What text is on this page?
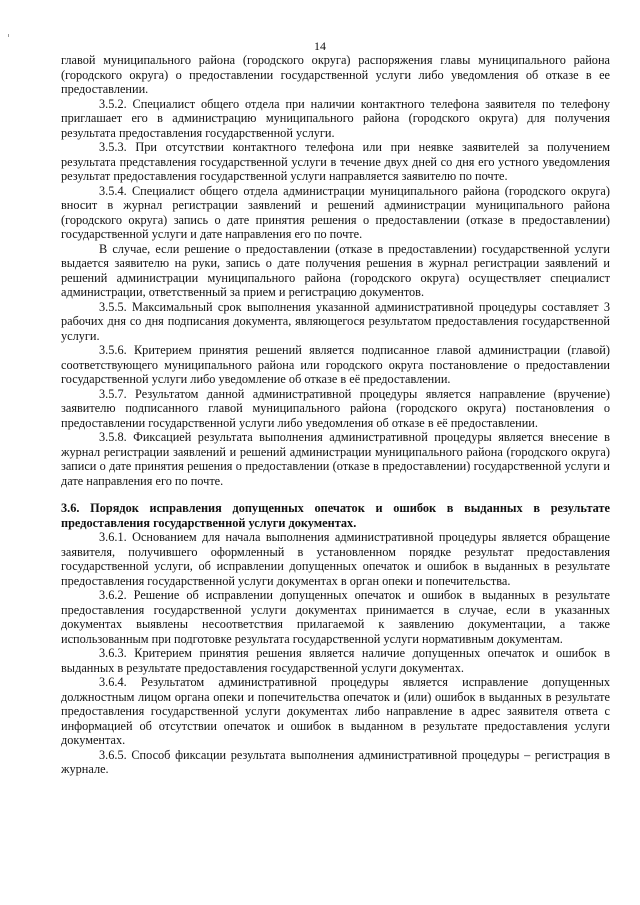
14

главой муниципального района (городского округа) распоряжения главы муниципального района (городского округа) о предоставлении государственной услуги либо уведомления об отказе в ее предоставлении.

3.5.2. Специалист общего отдела при наличии контактного телефона заявителя по телефону приглашает его в администрацию муниципального района (городского округа) для получения результата предоставления государственной услуги.

3.5.3. При отсутствии контактного телефона или при неявке заявителей за получением результата представления государственной услуги в течение двух дней со дня его устного уведомления результат предоставления государственной услуги направляется заявителю по почте.

3.5.4. Специалист общего отдела администрации муниципального района (городского округа) вносит в журнал регистрации заявлений и решений администрации муниципального района (городского округа) запись о дате принятия решения о предоставлении (отказе в предоставлении) государственной услуги и дате направления его по почте.

В случае, если решение о предоставлении (отказе в предоставлении) государственной услуги выдается заявителю на руки, запись о дате получения решения в журнал регистрации заявлений и решений администрации муниципального района (городского округа) осуществляет специалист администрации, ответственный за прием и регистрацию документов.

3.5.5. Максимальный срок выполнения указанной административной процедуры составляет 3 рабочих дня со дня подписания документа, являющегося результатом предоставления государственной услуги.

3.5.6. Критерием принятия решений является подписанное главой администрации (главой) соответствующего муниципального района или городского округа постановление о предоставлении государственной услуги либо уведомление об отказе в её предоставлении.

3.5.7. Результатом данной административной процедуры является направление (вручение) заявителю подписанного главой муниципального района (городского округа) постановления о предоставлении государственной услуги либо уведомления об отказе в её предоставлении.

3.5.8. Фиксацией результата выполнения административной процедуры является внесение в журнал регистрации заявлений и решений администрации муниципального района (городского округа) записи о дате принятия решения о предоставлении (отказе в предоставлении) государственной услуги и дате направления его по почте.

3.6. Порядок исправления допущенных опечаток и ошибок в выданных в результате предоставления государственной услуги документах.

3.6.1. Основанием для начала выполнения административной процедуры является обращение заявителя, получившего оформленный в установленном порядке результат предоставления государственной услуги, об исправлении допущенных опечаток и ошибок в выданных в результате предоставления государственной услуги документах в орган опеки и попечительства.

3.6.2. Решение об исправлении допущенных опечаток и ошибок в выданных в результате предоставления государственной услуги документах принимается в случае, если в указанных документах выявлены несоответствия прилагаемой к заявлению документации, а также использованным при подготовке результата государственной услуги нормативным документам.

3.6.3. Критерием принятия решения является наличие допущенных опечаток и ошибок в выданных в результате предоставления государственной услуги документах.

3.6.4. Результатом административной процедуры является исправление допущенных должностным лицом органа опеки и попечительства опечаток и (или) ошибок в выданных в результате предоставления государственной услуги документах либо направление в адрес заявителя ответа с информацией об отсутствии опечаток и ошибок в выданном в результате предоставления услуги документах.

3.6.5. Способ фиксации результата выполнения административной процедуры – регистрация в журнале.
